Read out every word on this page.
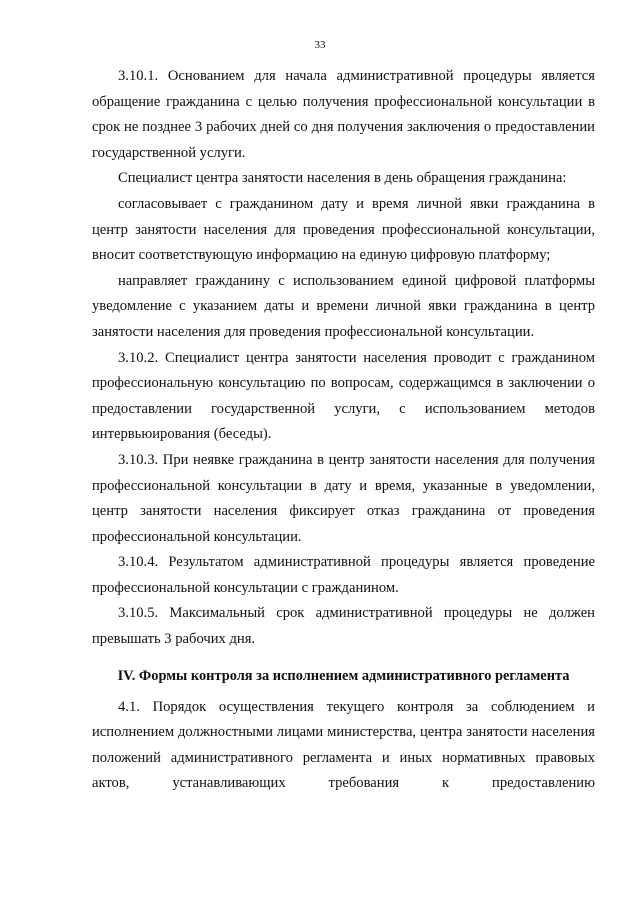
33

3.10.1. Основанием для начала административной процедуры является обращение гражданина с целью получения профессиональной консультации в срок не позднее 3 рабочих дней со дня получения заключения о предоставлении государственной услуги.

Специалист центра занятости населения в день обращения гражданина:

согласовывает с гражданином дату и время личной явки гражданина в центр занятости населения для проведения профессиональной консультации, вносит соответствующую информацию на единую цифровую платформу;

направляет гражданину с использованием единой цифровой платформы уведомление с указанием даты и времени личной явки гражданина в центр занятости населения для проведения профессиональной консультации.

3.10.2. Специалист центра занятости населения проводит с гражданином профессиональную консультацию по вопросам, содержащимся в заключении о предоставлении государственной услуги, с использованием методов интервьюирования (беседы).

3.10.3. При неявке гражданина в центр занятости населения для получения профессиональной консультации в дату и время, указанные в уведомлении, центр занятости населения фиксирует отказ гражданина от проведения профессиональной консультации.

3.10.4. Результатом административной процедуры является проведение профессиональной консультации с гражданином.

3.10.5. Максимальный срок административной процедуры не должен превышать 3 рабочих дня.

IV. Формы контроля за исполнением административного регламента

4.1. Порядок осуществления текущего контроля за соблюдением и исполнением должностными лицами министерства, центра занятости населения положений административного регламента и иных нормативных правовых актов, устанавливающих требования к предоставлению
